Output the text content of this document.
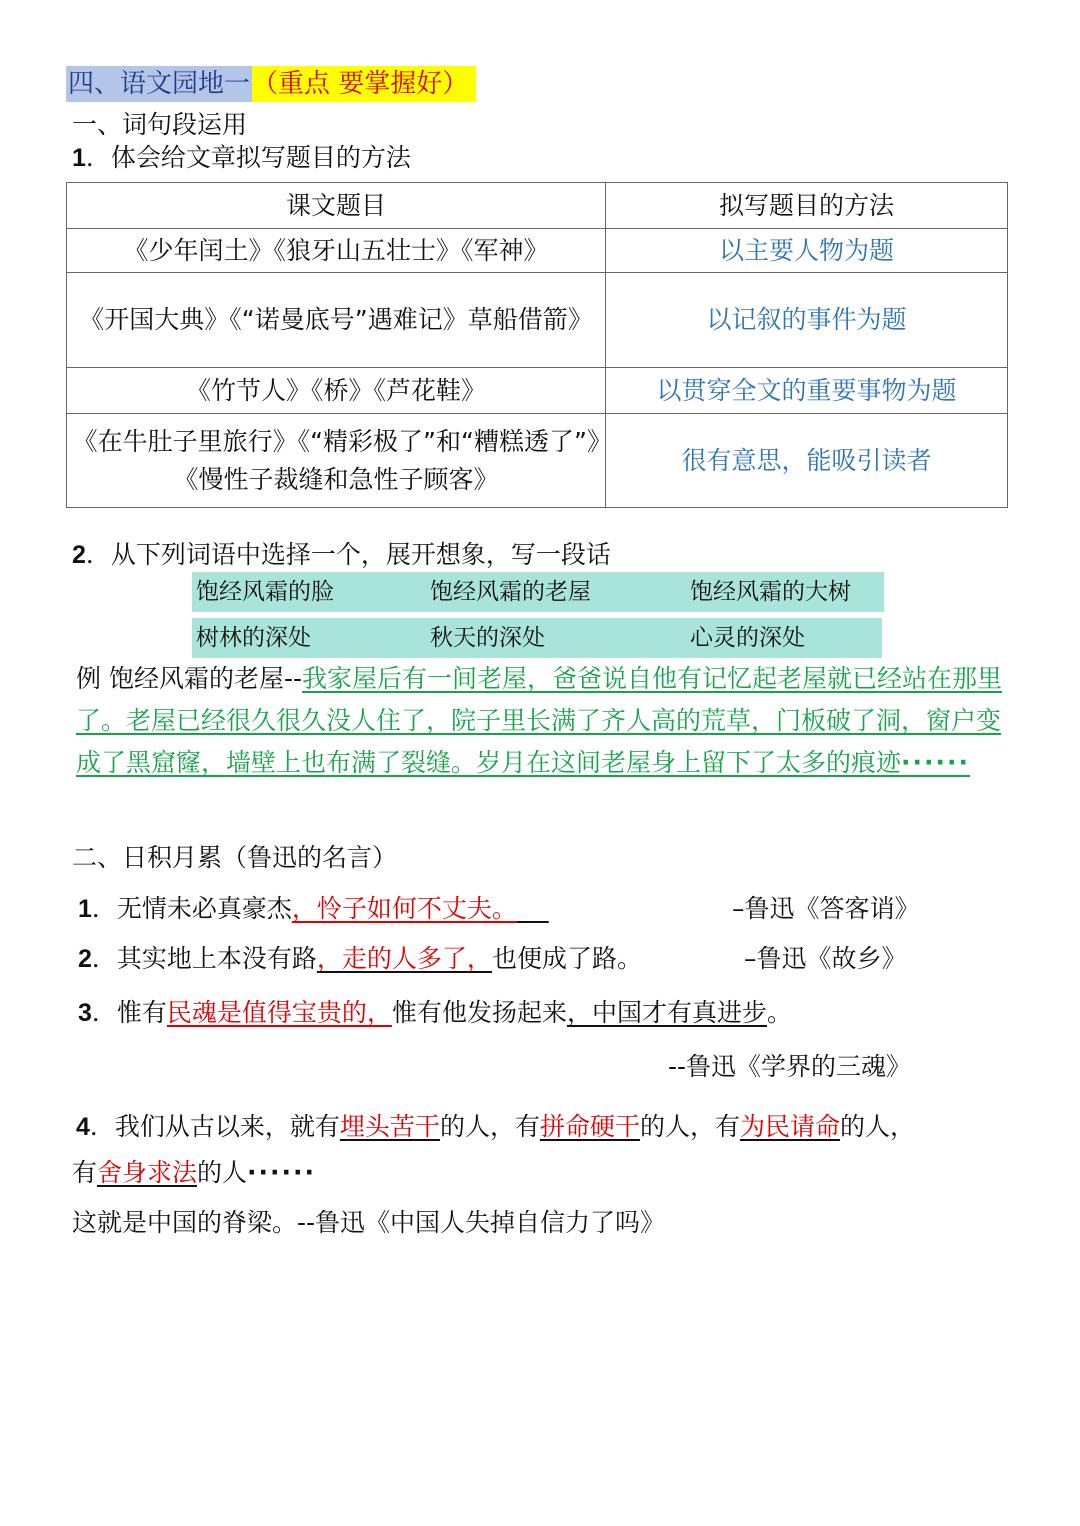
四、语文园地一 （重点 要掌握好）
一、词句段运用
1．体会给文章拟写题目的方法
课文题目	拟写题目的方法
《少年闰土》《狼牙山五壮士》《军神》	以主要人物为题
《开国大典》《“诺曼底号”遇难记》草船借箭》	以记叙的事件为题
《竹节人》《桥》《芦花鞋》	以贯穿全文的重要事物为题
《在牛肚子里旅行》《“精彩极了”和“糟糕透了”》《慢性子裁缝和急性子顾客》	很有意思，能吸引读者
2．从下列词语中选择一个，展开想象，写一段话
饱经风霜的脸	饱经风霜的老屋	饱经风霜的大树
树林的深处	秋天的深处	心灵的深处
例 饱经风霜的老屋--我家屋后有一间老屋，爸爸说自他有记忆起老屋就已经站在那里了。老屋已经很久很久没人住了，院子里长满了齐人高的荒草，门板破了洞，窗户变成了黑窟窿，墙壁上也布满了裂缝。岁月在这间老屋身上留下了太多的痕迹······
二、日积月累（鲁迅的名言）
1．无情未必真豪杰，怜子如何不丈夫。	–鲁迅《答客诮》
2．其实地上本没有路，走的人多了，也便成了路。	–鲁迅《故乡》
3．惟有民魂是值得宝贵的，惟有他发扬起来，中国才有真进步。
--鲁迅《学界的三魂》
4．我们从古以来，就有埋头苦干的人，有拼命硬干的人，有为民请命的人，
有舍身求法的人······
这就是中国的脊梁。--鲁迅《中国人失掉自信力了吗》
